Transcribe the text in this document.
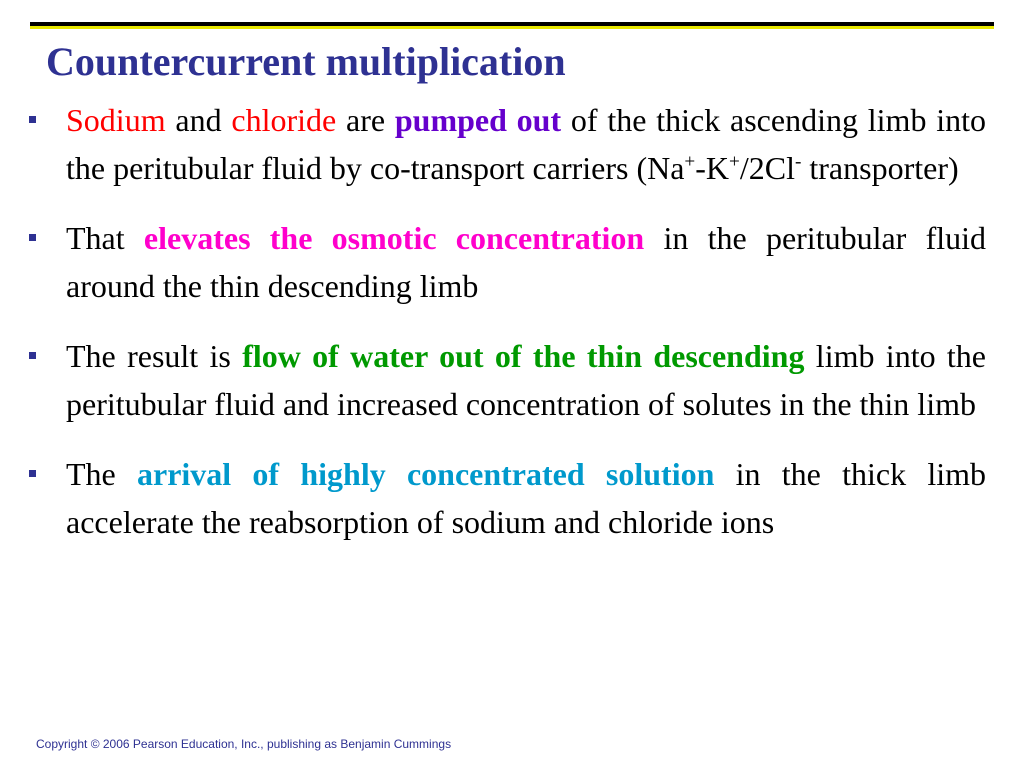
Countercurrent multiplication
Sodium and chloride are pumped out of the thick ascending limb into the peritubular fluid by co-transport carriers (Na+-K+/2Cl- transporter)
That elevates the osmotic concentration in the peritubular fluid around the thin descending limb
The result is flow of water out of the thin descending limb into the peritubular fluid and increased concentration of solutes in the thin limb
The arrival of highly concentrated solution in the thick limb accelerate the reabsorption of sodium and chloride ions
Copyright © 2006 Pearson Education, Inc., publishing as Benjamin Cummings
